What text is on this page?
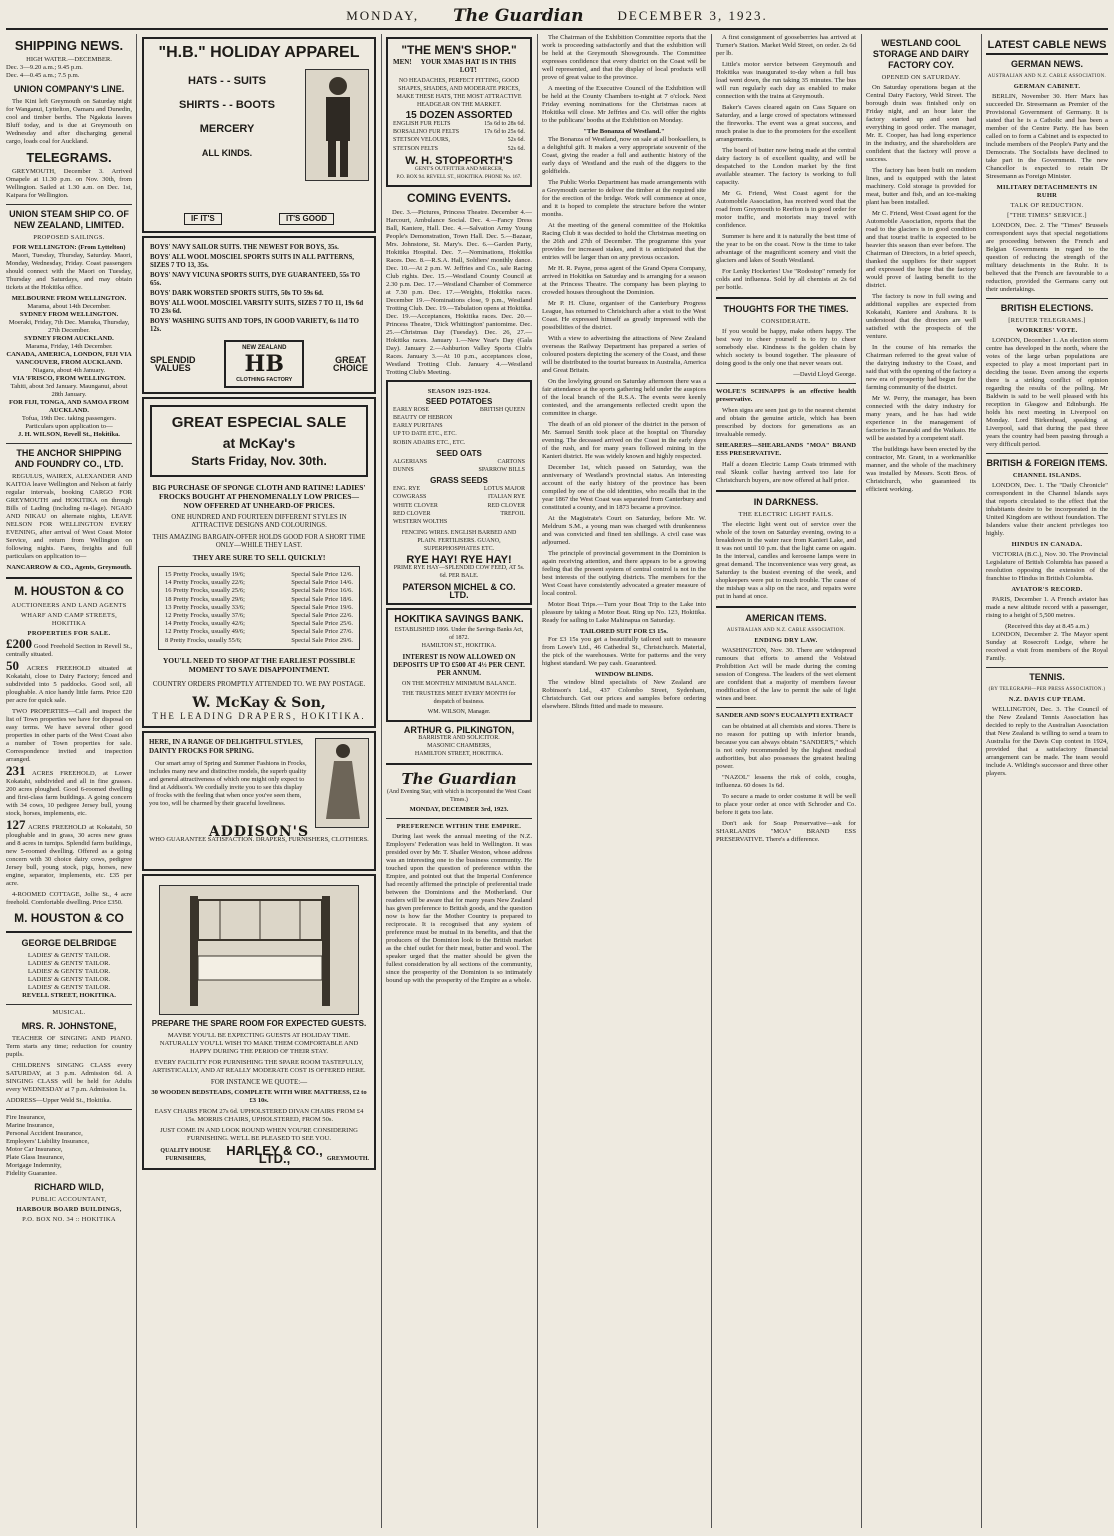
MONDAY, The Guardian	DECEMBER 3, 1923.
SHIPPING NEWS.
HIGH WATER.—DECEMBER.
Dec. 3—9.20 a.m.; 9.45 p.m.
Dec. 4—0.45 a.m.; 7.5 p.m.
UNION COMPANY'S LINE.

The Kini left Greymouth on Saturday night for Wanganui, Lyttelton, Oamaru and Dunedin, cool and timber berths. The Ngakuta leaves Bluff today, and is due at Greymouth on Wednesday and after discharging general cargo, loads coal for Auckland.

TELEGRAMS.

GREYMOUTH, December 3. Arrived Omapele at 11.30 p.m. on Nov. 30th, from Wellington. Sailed at 1.30 a.m. on Dec. 1st, Kaipara for Wellington.

UNION STEAM SHIP CO. OF NEW ZEALAND, LIMITED.
PROPOSED SAILINGS.
FOR WELLINGTON: (From Lyttelton)

Maori, Tuesday, Thursday, Saturday. Maori, Monday, Wednesday, Friday. Coast passengers should connect with the Maori on Tuesday, Thursday and Saturdays, and may obtain tickets at the Hokitika office.

MELBOURNE FROM WELLINGTON.
Marama, about 14th December.
SYDNEY FROM WELLINGTON.
Moeraki, Friday, 7th Dec. Manuka, Thursday, 27th December.
SYDNEY FROM AUCKLAND.
Marama, Friday, 14th December.
CANADA, AMERICA, LONDON, FIJI VIA VANCOUVER, FROM AUCKLAND.
Niagara, about 4th January.
VIA 'FRISCO, FROM WELLINGTON.
Tahiti, about 3rd January. Maunganui, about 28th January.
FOR FIJI, TONGA, AND SAMOA FROM AUCKLAND.
Tofua, 19th Dec. taking passengers.
Particulars upon application to—
J. H. WILSON, Revell St., Hokitika.
THE ANCHOR SHIPPING AND FOUNDRY CO., LTD.

REGULUS, WAIREX, ALEXANDER AND KAITOA leave Wellington and Nelson at fairly regular intervals, booking CARGO FOR GREYMOUTH and HOKITIKA on through Bills of Lading (including ra-ilage). NGAIO AND NIKAU on alternate nights, LEAVE NELSON FOR WELLINGTON EVERY EVENING, after arrival of West Coast Motor Service, and return from Wellington on following nights. Fares, freights and full particulars on application to—

NANCARROW & CO., Agents, Greymouth.
M. HOUSTON & CO
AUCTIONEERS AND LAND AGENTS
WHARF AND CAMP STREETS, HOKITIKA
PROPERTIES FOR SALE.

£200 Good Freehold Section in Revell St., centrally situated.

50 ACRES FREEHOLD situated at Kokatahi, close to Dairy Factory; fenced and subdivided into 5 paddocks. Good soil, all ploughable. A nice handy little farm. Price £20 per acre for quick sale.

TWO PROPERTIES—Call and inspect the list of Town properties we have for disposal on easy terms. We have several other good properties in other parts of the West Coast also a number of Town properties for sale. Correspondence invited and inspection arranged.

231 ACRES FREEHOLD, at Lower Kokatahi, subdivided and all in fine grasses. 200 acres ploughed. Good 6-roomed dwelling and first-class farm buildings. A going concern with 34 cows, 10 pedigree Jersey bull, young stock, horses, implements, etc.

127 ACRES FREEHOLD at Kokatahi, 50 ploughable and in grass, 30 acres new grass and 8 acres in turnips. Splendid farm buildings, new 5-roomed dwelling. Offered as a going concern with 30 choice dairy cows, pedigree Jersey bull, young stock, pigs, horses, new engine, separator, implements, etc. £35 per acre.

4-ROOMED COTTAGE, Jollie St., 4 acre freehold. Comfortable dwelling. Price £350.

M. HOUSTON & CO
GEORGE DELBRIDGE
LADIES' & GENTS' TAILOR.
LADIES' & GENTS' TAILOR.
LADIES' & GENTS' TAILOR.
LADIES' & GENTS' TAILOR.
LADIES' & GENTS' TAILOR.
REVELL STREET, HOKITIKA.
MUSICAL.
MRS. R. JOHNSTONE,

TEACHER OF SINGING AND PIANO. Term starts any time; reduction for country pupils.

CHILDREN'S SINGING CLASS every SATURDAY, at 3 p.m. Admission 6d. A SINGING CLASS will be held for Adults every WEDNESDAY at 7 p.m. Admission 1s.

ADDRESS—Upper Weld St., Hokitika.
Fire Insurance,
Marine Insurance,
Personal Accident Insurance,
Employers' Liability Insurance,
Motor Car Insurance,
Plate Glass Insurance,
Mortgage Indemnity,
Fidelity Guarantee.
RICHARD WILD,
PUBLIC ACCOUNTANT,
HARBOUR BOARD BUILDINGS,
P.O. BOX NO. 34 :: HOKITIKA
"H.B." HOLIDAY APPAREL
HATS - - SUITS
SHIRTS - - BOOTS
MERCERY
ALL KINDS.
IF IT'S	IT'S GOOD
BOYS' NAVY SAILOR SUITS. THE NEWEST FOR BOYS, 35s.
BOYS' ALL WOOL MOSCIEL SPORTS SUITS IN ALL PATTERNS, SIZES 7 TO 13, 35s.
BOYS' NAVY VICUNA SPORTS SUITS, DYE GUARANTEED, 55s TO 65s.
BOYS' DARK WORSTED SPORTS SUITS, 50s TO 59s 6d.
BOYS' ALL WOOL MOSCIEL VARSITY SUITS, SIZES 7 TO 11, 19s 6d TO 23s 6d.
BOYS' WASHING SUITS AND TOPS, IN GOOD VARIETY, 6s 11d TO 12s.
SPLENDID
VALUES
NEW ZEALAND
HB
CLOTHING FACTORY
GREAT
CHOICE
GREAT ESPECIAL SALE
at McKay's
Starts Friday, Nov. 30th.
BIG PURCHASE OF SPONGE CLOTH AND RATINE! LADIES' FROCKS BOUGHT AT PHENOMENALLY LOW PRICES—NOW OFFERED AT UNHEARD-OF PRICES.
ONE HUNDRED AND FOURTEEN DIFFERENT STYLES IN ATTRACTIVE DESIGNS AND COLOURINGS.
THIS AMAZING BARGAIN-OFFER HOLDS GOOD FOR A SHORT TIME ONLY—WHILE THEY LAST.
THEY ARE SURE TO SELL QUICKLY!
15 Pretty Frocks, usually 19/6;	Special Sale Price 12/6.
14 Pretty Frocks, usually 22/6;	Special Sale Price 14/6.
16 Pretty Frocks, usually 25/6;	Special Sale Price 16/6.
18 Pretty Frocks, usually 29/6;	Special Sale Price 18/6.
13 Pretty Frocks, usually 33/6;	Special Sale Price 19/6.
12 Pretty Frocks, usually 37/6;	Special Sale Price 22/6.
14 Pretty Frocks, usually 42/6;	Special Sale Price 25/6.
12 Pretty Frocks, usually 49/6;	Special Sale Price 27/6.
8 Pretty Frocks, usually 55/6;	Special Sale Price 29/6.
YOU'LL NEED TO SHOP AT THE EARLIEST POSSIBLE MOMENT TO SAVE DISAPPOINTMENT.
COUNTRY ORDERS PROMPTLY ATTENDED TO. WE PAY POSTAGE.
W. McKay & Son,
THE LEADING DRAPERS, HOKITIKA.
HERE, IN A RANGE OF DELIGHTFUL STYLES, DAINTY FROCKS FOR SPRING.

Our smart array of Spring and Summer Fashions in Frocks, includes many new and distinctive models, the superb quality and general attractiveness of which one might only expect to find at Addison's. We cordially invite you to see this display of frocks with the feeling that when once you've seen them, you too, will be charmed by their graceful loveliness.

ADDISON'S
WHO GUARANTEE SATISFACTION. DRAPERS, FURNISHERS, CLOTHIERS.
PREPARE THE SPARE ROOM FOR EXPECTED GUESTS.
MAYBE YOU'LL BE EXPECTING GUESTS AT HOLIDAY TIME. NATURALLY YOU'LL WISH TO MAKE THEM COMFORTABLE AND HAPPY DURING THE PERIOD OF THEIR STAY.
EVERY FACILITY FOR FURNISHING THE SPARE ROOM TASTEFULLY, ARTISTICALLY, AND AT REALLY MODERATE COST IS OFFERED HERE.
FOR INSTANCE WE QUOTE:—
30 WOODEN BEDSTEADS, COMPLETE WITH WIRE MATTRESS, £2 to £3 10s.
EASY CHAIRS FROM 27s 6d. UPHOLSTERED DIVAN CHAIRS FROM £4 15s. MORRIS CHAIRS, UPHOLSTERED, FROM 50s.
JUST COME IN AND LOOK ROUND WHEN YOU'RE CONSIDERING FURNISHING. WE'LL BE PLEASED TO SEE YOU.
QUALITY HOUSE FURNISHERS,
HARLEY & CO., LTD.,	GREYMOUTH.
"THE MEN'S SHOP."
MEN!	YOUR XMAS HAT IS IN THIS LOT!
NO HEADACHES, PERFECT FITTING, GOOD SHAPES, SHADES, AND MODERATE PRICES, MAKE THESE HATS, THE MOST ATTRACTIVE HEADGEAR ON THE MARKET.
15 DOZEN ASSORTED
ENGLISH FUR FELTS	15s 6d to 28s 6d.
BORSALINO FUR FELTS	17s 6d to 25s 6d.
STETSON VELOURS,	52s 6d.
STETSON FELTS	52s 6d.
W. H. STOPFORTH'S
GENT'S OUTFITTER AND MERCER,
P.O. BOX 94. REVELL ST., HOKITIKA. PHONE No. 167.
COMING EVENTS.

Dec. 3.—Pictures, Princess Theatre. December 4.—Harcourt, Ambulance Social. Dec. 4.—Fancy Dress Ball, Kaniere, Hall. Dec. 4.—Salvation Army Young People's Demonstration, Town Hall. Dec. 5.—Bazaar, Mrs. Johnstone, St. Mary's. Dec. 6.—Garden Party, Hokitika Hospital. Dec. 7.—Nominations, Hokitika Races. Dec. 8.—R.S.A. Hall, Soldiers' monthly dance. Dec. 10.—At 2 p.m. W. Jeffries and Co., sale Racing Club rights. Dec. 15.—Westland County Council at 2.30 p.m. Dec. 17.—Westland Chamber of Commerce at 7.30 p.m. Dec. 17.—Weights, Hokitika races. December 19.—Nominations close, 9 p.m., Westland Trotting Club. Dec. 19.—Tabulation opens at Hokitika. Dec. 19.—Acceptances, Hokitika races. Dec. 20.—Princess Theatre, 'Dick Whittington' pantomime. Dec. 25.—Christmas Day (Tuesday). Dec. 26, 27.—Hokitika races. January 1.—New Year's Day (Gala Day). January 2.—Ashburton Valley Sports Club's Races. January 3.—At 10 p.m., acceptances close, Westland Trotting Club. January 4.—Westland Trotting Club's Meeting.

SEASON 1923-1924.
SEED POTATOES
EARLY ROSE	BRITISH QUEEN
BEAUTY OF HEBRON
EARLY PURITANS
UP TO DATE ETC., ETC.
ROBIN ADAIRS ETC., ETC.
SEED OATS
ALGERIANS	CARTONS
DUNNS	SPARROW BILLS
GRASS SEEDS
ENG. RYE	LOTUS MAJOR
COWGRASS	ITALIAN RYE
WHITE CLOVER	RED CLOVER
RED CLOVER	TREFOIL
WESTERN WOLTHS
FENCING WIRES. ENGLISH BARBED AND PLAIN. FERTILISERS. GUANO, SUPERPHOSPHATES ETC.
RYE HAY! RYE HAY!
PRIME RYE HAY—SPLENDID COW FEED, AT 5s. 6d. PER BALE.
PATERSON MICHEL & CO. LTD.
HOKITIKA SAVINGS BANK.
ESTABLISHED 1866. Under the Savings Banks Act, of 1872.
HAMILTON ST., HOKITIKA.
INTEREST IS NOW ALLOWED ON DEPOSITS UP TO £500 AT 4½ PER CENT. PER ANNUM.
ON THE MONTHLY MINIMUM BALANCE.
THE TRUSTEES MEET EVERY MONTH for despatch of business.
WM. WILSON, Manager.
ARTHUR G. PILKINGTON,
BARRISTER AND SOLICITOR.
MASONIC CHAMBERS,
HAMILTON STREET, HOKITIKA.
The Guardian
(And Evening Star, with which is incorporated the West Coast Times.)
MONDAY, DECEMBER 3rd, 1923.
PREFERENCE WITHIN THE EMPIRE.

During last week the annual meeting of the N.Z. Employers' Federation was held in Wellington. It was presided over by Mr. T. Shailer Weston, whose address was an interesting one to the business community. He touched upon the question of preference within the Empire, and pointed out that the Imperial Conference had recently affirmed the principle of preferential trade between the Dominions and the Motherland. Our readers will be aware that for many years New Zealand has given preference to British goods, and the question now is how far the Mother Country is prepared to reciprocate. It is recognised that any system of preference must be mutual in its benefits, and that the producers of the Dominion look to the British market as the chief outlet for their meat, butter and wool. The speaker urged that the matter should be given the fullest consideration by all sections of the community, since the prosperity of the Dominion is so intimately bound up with the prosperity of the Empire as a whole.

The Chairman of the Exhibition Committee reports that the work is proceeding satisfactorily and that the exhibition will be held at the Greymouth Showgrounds. The Committee expresses confidence that every district on the Coast will be well represented, and that the display of local products will prove of great value to the province.

A meeting of the Executive Council of the Exhibition will be held at the County Chambers to-night at 7 o'clock. Next Friday evening nominations for the Christmas races at Hokitika will close. Mr Jeffries and Co. will offer the rights to the publicans' booths at the Exhibition on Monday.

"The Bonanza of Westland."

The Bonanza of Westland, now on sale at all booksellers, is a delightful gift. It makes a very appropriate souvenir of the Coast, giving the reader a full and authentic history of the early days of Westland and the rush of the diggers to the goldfields.

The Public Works Department has made arrangements with a Greymouth carrier to deliver the timber at the required site for the erection of the bridge. Work will commence at once, and it is hoped to complete the structure before the winter months.

At the meeting of the general committee of the Hokitika Racing Club it was decided to hold the Christmas meeting on the 26th and 27th of December. The programme this year provides for increased stakes, and it is anticipated that the entries will be larger than on any previous occasion.

Mr H. R. Payne, press agent of the Grand Opera Company, arrived in Hokitika on Saturday and is arranging for a season at the Princess Theatre. The company has been playing to crowded houses throughout the Dominion.

Mr P. H. Clune, organiser of the Canterbury Progress League, has returned to Christchurch after a visit to the West Coast. He expressed himself as greatly impressed with the possibilities of the district.

With a view to advertising the attractions of New Zealand overseas the Railway Department has prepared a series of coloured posters depicting the scenery of the Coast, and these will be distributed to the tourist bureaux in Australia, America and Great Britain.

On the lowlying ground on Saturday afternoon there was a fair attendance at the sports gathering held under the auspices of the local branch of the R.S.A. The events were keenly contested, and the arrangements reflected credit upon the committee in charge.

The death of an old pioneer of the district in the person of Mr. Samuel Smith took place at the hospital on Thursday evening. The deceased arrived on the Coast in the early days of the rush, and for many years followed mining in the Kanieri district. He was widely known and highly respected.

December 1st, which passed on Saturday, was the anniversary of Westland's provincial status. An interesting account of the early history of the province has been compiled by one of the old identities, who recalls that in the year 1867 the West Coast was separated from Canterbury and constituted a county, and in 1873 became a province.

At the Magistrate's Court on Saturday, before Mr. W. Meldrum S.M., a young man was charged with drunkenness and was convicted and fined ten shillings. A civil case was adjourned.

The principle of provincial government in the Dominion is again receiving attention, and there appears to be a growing feeling that the present system of central control is not in the best interests of the outlying districts. The members for the West Coast have consistently advocated a greater measure of local control.

Motor Boat Trips.—Turn your Boat Trip to the Lake into pleasure by taking a Motor Boat. Ring up No. 123, Hokitika. Ready for sailing to Lake Mahinapua on Saturday.

TAILORED SUIT FOR £3 15s.

For £3 15s you get a beautifully tailored suit to measure from Lowe's Ltd., 46 Cathedral St., Christchurch. Material, the pick of the warehouses. Write for patterns and the very highest standard. We pay cash. Guaranteed.

WINDOW BLINDS.

The window blind specialists of New Zealand are Robinson's Ltd., 437 Colombo Street, Sydenham, Christchurch. Get our prices and samples before ordering elsewhere. Blinds fitted and made to measure.

A first consignment of gooseberries has arrived at Turner's Station. Market Weld Street, on order. 2s 6d per lb.

Little's motor service between Greymouth and Hokitika was inaugurated to-day when a full bus load went down, the run taking 35 minutes. The bus will run regularly each day as enabled to make connection with the trains at Greymouth.

Baker's Caves cleared again on Cass Square on Saturday, and a large crowd of spectators witnessed the fireworks. The event was a great success, and much praise is due to the promoters for the excellent arrangements.

The board of butter now being made at the central dairy factory is of excellent quality, and will be despatched to the London market by the first available steamer. The factory is working to full capacity.

Mr G. Friend, West Coast agent for the Automobile Association, has received word that the road from Greymouth to Reefton is in good order for motor traffic, and motorists may travel with confidence.

Summer is here and it is naturally the best time of the year to be on the coast. Now is the time to take advantage of the magnificent scenery and visit the glaciers and lakes of South Westland.

For Lenky Hockeries! Use "Rodostop" remedy for colds and influenza. Sold by all chemists at 2s 6d per bottle.

THOUGHTS FOR THE TIMES.
CONSIDERATE.

If you would be happy, make others happy. The best way to cheer yourself is to try to cheer somebody else. Kindness is the golden chain by which society is bound together. The pleasure of doing good is the only one that never wears out.

—David Lloyd George.

WOLFE'S SCHNAPPS is an effective health preservative.

When signs are seen just go to the nearest chemist and obtain the genuine article, which has been prescribed by doctors for generations as an invaluable remedy.

SHEARERS—SHEARLANDS "MOA" BRAND ESS PRESERVATIVE.

Half a dozen Electric Lamp Coats trimmed with real Skunk collar having arrived too late for Christchurch buyers, are now offered at half price.

IN DARKNESS.
THE ELECTRIC LIGHT FAILS.

The electric light went out of service over the whole of the town on Saturday evening, owing to a breakdown in the water race from Kanieri Lake, and it was not until 10 p.m. that the light came on again. In the interval, candles and kerosene lamps were in great demand. The inconvenience was very great, as Saturday is the busiest evening of the week, and shopkeepers were put to much trouble. The cause of the mishap was a slip on the race, and repairs were put in hand at once.

AMERICAN ITEMS.
AUSTRALIAN AND N.Z. CABLE ASSOCIATION.
ENDING DRY LAW.

WASHINGTON, Nov. 30. There are widespread rumours that efforts to amend the Volstead Prohibition Act will be made during the coming session of Congress. The leaders of the wet element are confident that a majority of members favour modification of the law to permit the sale of light wines and beer.

SANDER AND SON'S EUCALYPTI EXTRACT

can be obtained at all chemists and stores. There is no reason for putting up with inferior brands, because you can always obtain "SANDER'S," which is not only recommended by the highest medical authorities, but also possesses the greatest healing power.

"NAZOL" lessens the risk of colds, coughs, influenza. 60 doses 1s 6d.

To secure a made to order costume it will be well to place your order at once with Schroder and Co. before it gets too late.

Don't ask for Soap Preservative—ask for SHARLANDS "MOA" BRAND ESS PRESERVATIVE. There's a difference.

WESTLAND COOL STORAGE AND DAIRY FACTORY COY.
OPENED ON SATURDAY.

On Saturday operations began at the Central Dairy Factory, Weld Street. The borough drain was finished only on Friday night, and an hour later the factory started up and soon had everything in good order. The manager, Mr. E. Cooper, has had long experience in the industry, and the shareholders are confident that the factory will prove a success.

The factory has been built on modern lines, and is equipped with the latest machinery. Cold storage is provided for meat, butter and fish, and an ice-making plant has been installed.

Mr C. Friend, West Coast agent for the Automobile Association, reports that the road to the glaciers is in good condition and that tourist traffic is expected to be heavier this season than ever before. The Chairman of Directors, in a brief speech, thanked the suppliers for their support and expressed the hope that the factory would prove of lasting benefit to the district.

The factory is now in full swing and additional supplies are expected from Kokatahi, Kaniere and Arahura. It is understood that the directors are well satisfied with the prospects of the venture.

In the course of his remarks the Chairman referred to the great value of the dairying industry to the Coast, and said that with the opening of the factory a new era of prosperity had begun for the farming community of the district.

Mr W. Perry, the manager, has been connected with the dairy industry for many years, and he has had wide experience in the management of factories in Taranaki and the Waikato. He will be assisted by a competent staff.

The buildings have been erected by the contractor, Mr. Grant, in a workmanlike manner, and the whole of the machinery was installed by Messrs. Scott Bros. of Christchurch, who guaranteed its efficient working.

LATEST CABLE NEWS
GERMAN NEWS.
AUSTRALIAN AND N.Z. CABLE ASSOCIATION.
GERMAN CABINET.

BERLIN, November 30. Herr Marx has succeeded Dr. Stresemann as Premier of the Provisional Government of Germany. It is stated that he is a Catholic and has been a member of the Centre Party. He has been called on to form a Cabinet and is expected to include members of the People's Party and the Democrats. The Socialists have declined to take part in the Government. The new Chancellor is expected to retain Dr Stresemann as Foreign Minister.

MILITARY DETACHMENTS IN RUHR
TALK OF REDUCTION.
["THE TIMES" SERVICE.]

LONDON, Dec. 2. The "Times" Brussels correspondent says that special negotiations are proceeding between the French and Belgian Governments in regard to the question of reducing the strength of the military detachments in the Ruhr. It is believed that the French are favourable to a reduction, provided the Germans carry out their undertakings.

BRITISH ELECTIONS.
[REUTER TELEGRAMS.]
WORKERS' VOTE.

LONDON, December 1. An election storm centre has developed in the north, where the votes of the large urban populations are expected to play a most important part in deciding the issue. Even among the experts there is a striking conflict of opinion regarding the results of the polling. Mr Baldwin is said to be well pleased with his reception in Glasgow and Edinburgh. He holds his next meeting in Liverpool on Monday. Lord Birkenhead, speaking at Liverpool, said that during the past three years the country had been passing through a very difficult period.

BRITISH & FOREIGN ITEMS.
CHANNEL ISLANDS.

LONDON, Dec. 1. The "Daily Chronicle" correspondent in the Channel Islands says that reports circulated to the effect that the inhabitants desire to be incorporated in the United Kingdom are without foundation. The Islanders value their ancient privileges too highly.

HINDUS IN CANADA.

VICTORIA (B.C.), Nov. 30. The Provincial Legislature of British Columbia has passed a resolution opposing the extension of the franchise to Hindus in British Columbia.

AVIATOR'S RECORD.

PARIS, December 1. A French aviator has made a new altitude record with a passenger, rising to a height of 5,500 metres.

(Received this day at 8.45 a.m.)

LONDON, December 2. The Mayor spent Sunday at Rosecroft Lodge, where he received a visit from members of the Royal Family.

TENNIS.
(BY TELEGRAPH—PER PRESS ASSOCIATION.)
N.Z. DAVIS CUP TEAM.

WELLINGTON, Dec. 3. The Council of the New Zealand Tennis Association has decided to reply to the Australian Association that New Zealand is willing to send a team to Australia for the Davis Cup contest in 1924, provided that a satisfactory financial arrangement can be made. The team would include A. Wilding's successor and three other players.
